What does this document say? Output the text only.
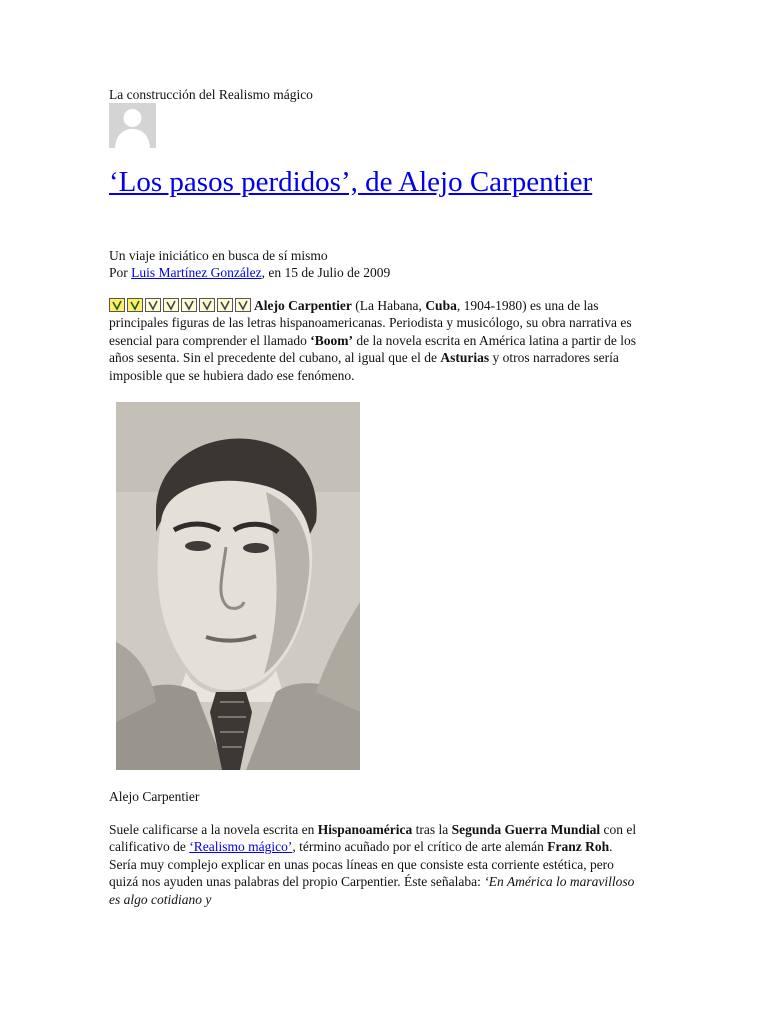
La construcción del Realismo mágico
‘Los pasos perdidos’, de Alejo Carpentier
Un viaje iniciático en busca de sí mismo
Por Luis Martínez González, en 15 de Julio de 2009
Alejo Carpentier (La Habana, Cuba, 1904-1980) es una de las principales figuras de las letras hispanoamericanas. Periodista y musicólogo, su obra narrativa es esencial para comprender el llamado ‘Boom’ de la novela escrita en América latina a partir de los años sesenta. Sin el precedente del cubano, al igual que el de Asturias y otros narradores sería imposible que se hubiera dado ese fenómeno.
Alejo Carpentier
Suele calificarse a la novela escrita en Hispanoamérica tras la Segunda Guerra Mundial con el calificativo de ‘Realismo mágico’, término acuñado por el crítico de arte alemán Franz Roh. Sería muy complejo explicar en unas pocas líneas en que consiste esta corriente estética, pero quizá nos ayuden unas palabras del propio Carpentier. Éste señalaba: ‘En América lo maravilloso es algo cotidiano y
